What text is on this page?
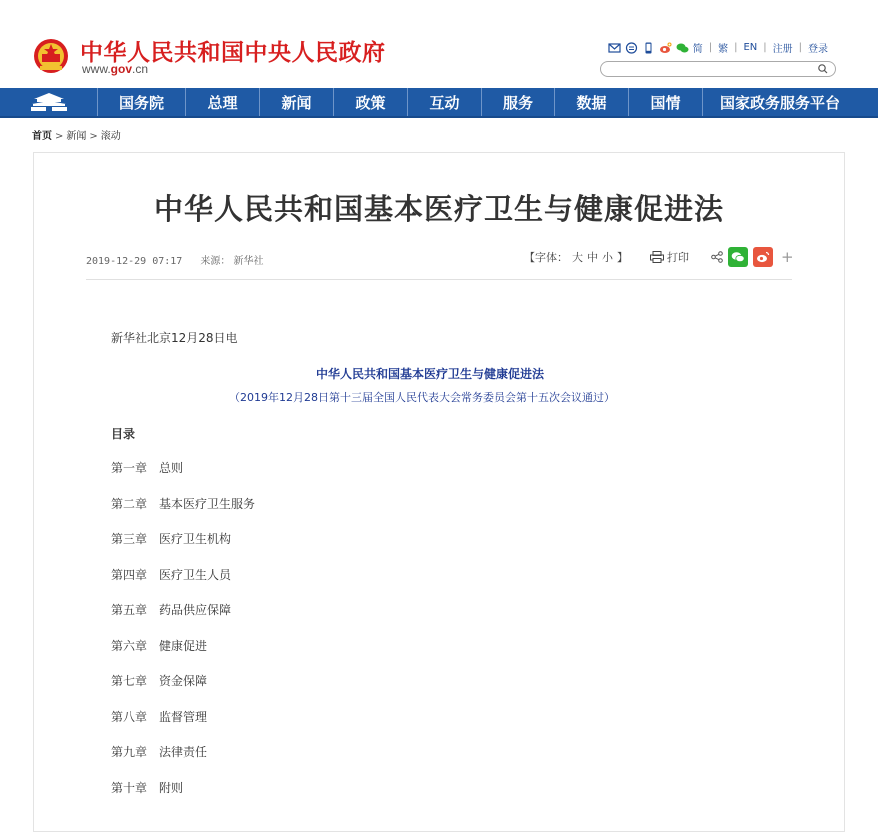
中华人民共和国中央人民政府
www.gov.cn
简 | 繁 | EN | 注册 | 登录
国务院	总理	新闻	政策	互动	服务	数据	国情	国家政务服务平台
首页 > 新闻 > 滚动
中华人民共和国基本医疗卫生与健康促进法
2019-12-29 07:17 来源： 新华社	【字体： 大 中 小 】	打印	+

新华社北京12月28日电

中华人民共和国基本医疗卫生与健康促进法

（2019年12月28日第十三届全国人民代表大会常务委员会第十五次会议通过）

目录

第一章 总则
第二章 基本医疗卫生服务
第三章 医疗卫生机构
第四章 医疗卫生人员
第五章 药品供应保障
第六章 健康促进
第七章 资金保障
第八章 监督管理
第九章 法律责任
第十章 附则
